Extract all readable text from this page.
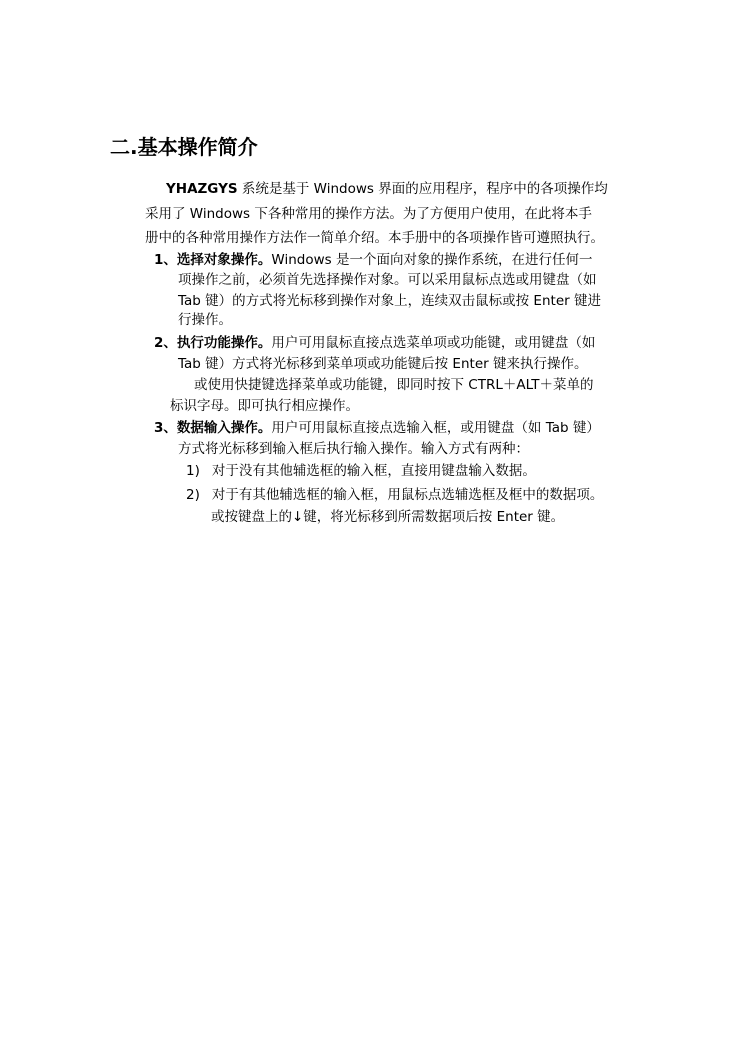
二.基本操作简介
YHAZGYS 系统是基于 Windows 界面的应用程序，程序中的各项操作均
采用了 Windows 下各种常用的操作方法。为了方便用户使用，在此将本手
册中的各种常用操作方法作一简单介绍。本手册中的各项操作皆可遵照执行。
1、选择对象操作。Windows 是一个面向对象的操作系统，在进行任何一
项操作之前，必须首先选择操作对象。可以采用鼠标点选或用键盘（如
Tab 键）的方式将光标移到操作对象上，连续双击鼠标或按 Enter 键进
行操作。
2、执行功能操作。用户可用鼠标直接点选菜单项或功能键，或用键盘（如
Tab 键）方式将光标移到菜单项或功能键后按 Enter 键来执行操作。
或使用快捷键选择菜单或功能键，即同时按下 CTRL＋ALT＋菜单的
标识字母。即可执行相应操作。
3、数据输入操作。用户可用鼠标直接点选输入框，或用键盘（如 Tab 键）
方式将光标移到输入框后执行输入操作。输入方式有两种：
1) 对于没有其他辅选框的输入框，直接用键盘输入数据。
2) 对于有其他辅选框的输入框，用鼠标点选辅选框及框中的数据项。
或按键盘上的↓键，将光标移到所需数据项后按 Enter 键。
